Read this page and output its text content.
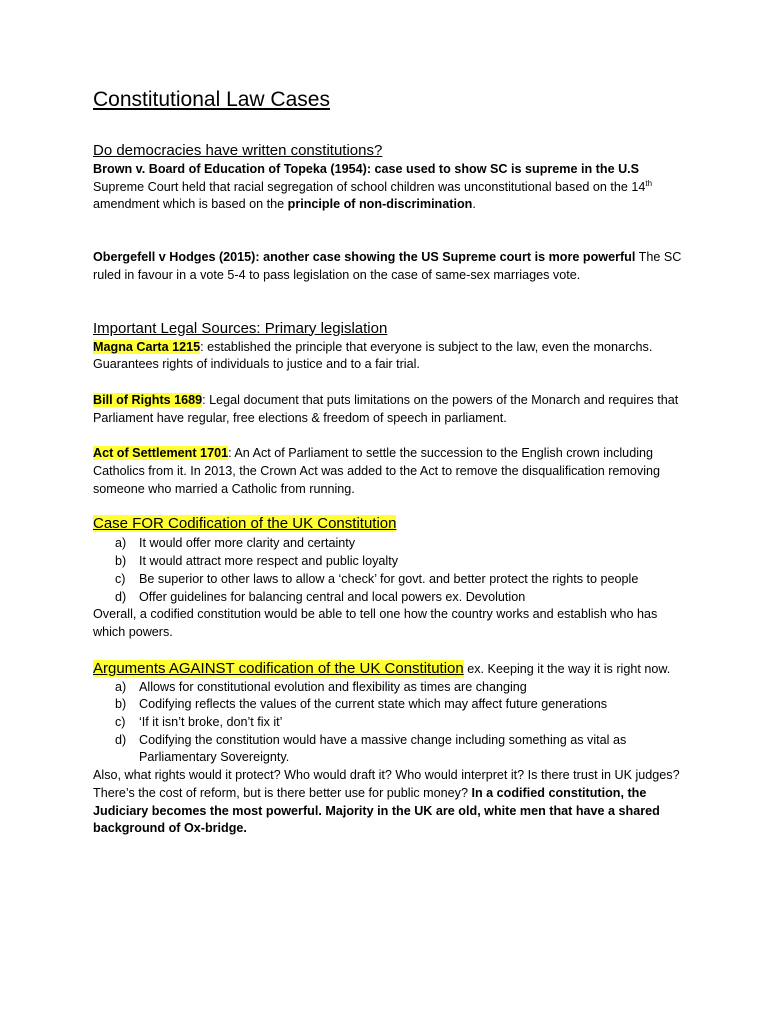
Constitutional Law Cases
Do democracies have written constitutions?

Brown v. Board of Education of Topeka (1954): case used to show SC is supreme in the U.S Supreme Court held that racial segregation of school children was unconstitutional based on the 14th amendment which is based on the principle of non-discrimination.

Obergefell v Hodges (2015): another case showing the US Supreme court is more powerful The SC ruled in favour in a vote 5-4 to pass legislation on the case of same-sex marriages vote.

Important Legal Sources: Primary legislation

Magna Carta 1215: established the principle that everyone is subject to the law, even the monarchs. Guarantees rights of individuals to justice and to a fair trial.

Bill of Rights 1689: Legal document that puts limitations on the powers of the Monarch and requires that Parliament have regular, free elections & freedom of speech in parliament.

Act of Settlement 1701: An Act of Parliament to settle the succession to the English crown including Catholics from it. In 2013, the Crown Act was added to the Act to remove the disqualification removing someone who married a Catholic from running.

Case FOR Codification of the UK Constitution
a) It would offer more clarity and certainty
b) It would attract more respect and public loyalty
c) Be superior to other laws to allow a ‘check’ for govt. and better protect the rights to people
d) Offer guidelines for balancing central and local powers ex. Devolution

Overall, a codified constitution would be able to tell one how the country works and establish who has which powers.

Arguments AGAINST codification of the UK Constitution ex. Keeping it the way it is right now.

a) Allows for constitutional evolution and flexibility as times are changing
b) Codifying reflects the values of the current state which may affect future generations
c) ‘If it isn’t broke, don’t fix it’
d) Codifying the constitution would have a massive change including something as vital as Parliamentary Sovereignty.

Also, what rights would it protect? Who would draft it? Who would interpret it? Is there trust in UK judges? There’s the cost of reform, but is there better use for public money? In a codified constitution, the Judiciary becomes the most powerful. Majority in the UK are old, white men that have a shared background of Ox-bridge.
